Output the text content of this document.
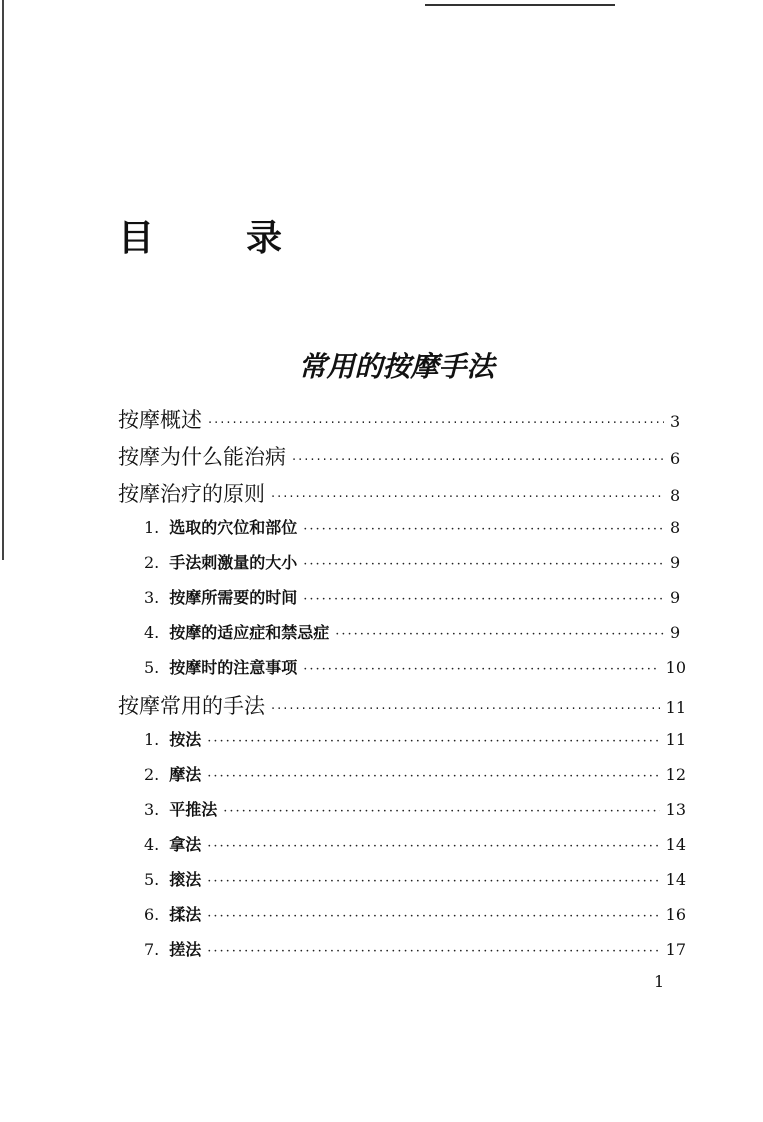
目	录
常用的按摩手法
按摩概述 ·····	3
按摩为什么能治病 ·····	6
按摩治疗的原则 ·····	8
1. 选取的穴位和部位 ·····	8
2. 手法刺激量的大小 ·····	9
3. 按摩所需要的时间 ·····	9
4. 按摩的适应症和禁忌症 ·····	9
5. 按摩时的注意事项 ·····	10
按摩常用的手法 ·····	11
1. 按法 ·····	11
2. 摩法 ·····	12
3. 平推法 ·····	13
4. 拿法 ·····	14
5. 㨰法 ·····	14
6. 揉法 ·····	16
7. 搓法 ·····	17
1
